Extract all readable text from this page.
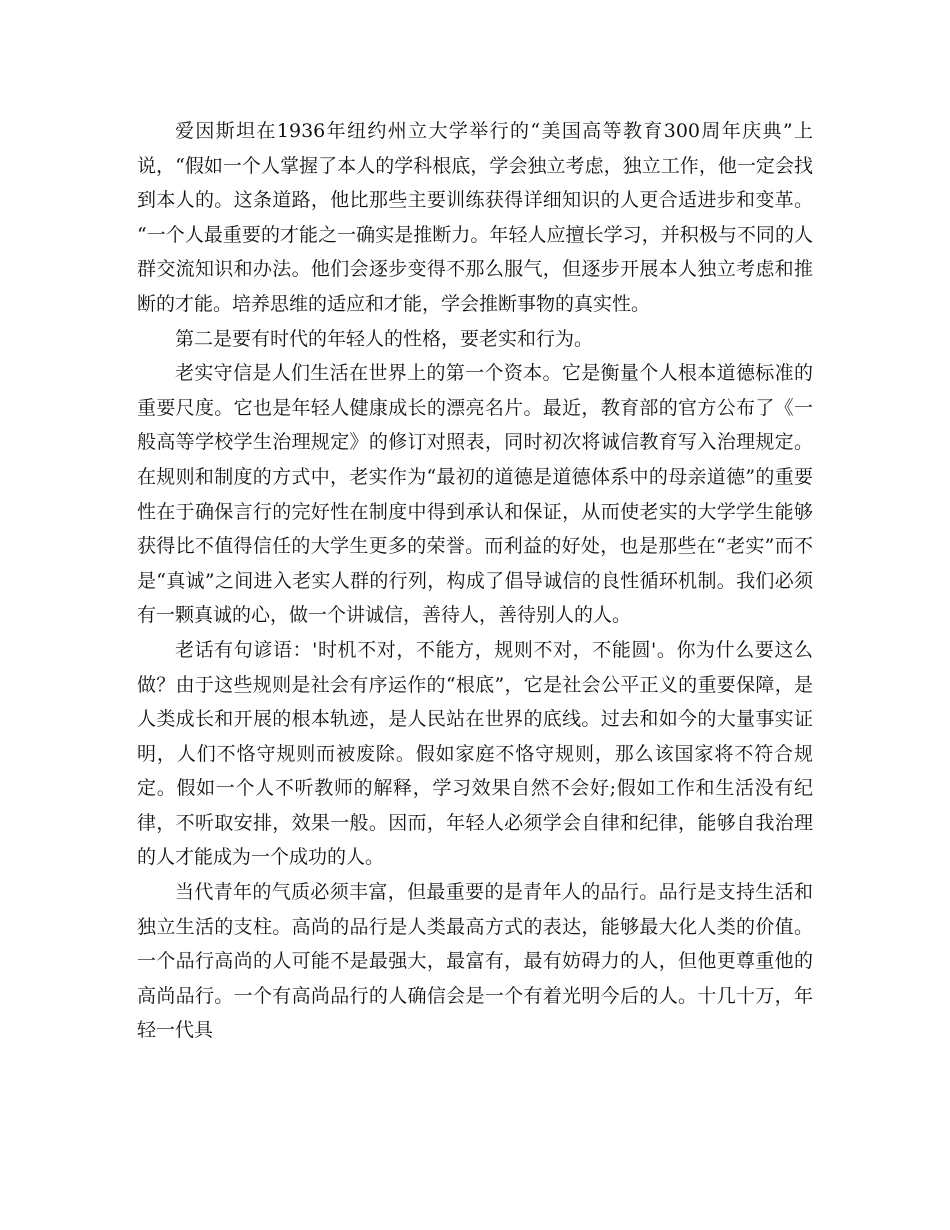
爱因斯坦在1936年纽约州立大学举行的“美国高等教育300周年庆典”上说，“假如一个人掌握了本人的学科根底，学会独立考虑，独立工作，他一定会找到本人的。这条道路，他比那些主要训练获得详细知识的人更合适进步和变革。 “一个人最重要的才能之一确实是推断力。年轻人应擅长学习，并积极与不同的人群交流知识和办法。他们会逐步变得不那么服气，但逐步开展本人独立考虑和推断的才能。培养思维的适应和才能，学会推断事物的真实性。

第二是要有时代的年轻人的性格，要老实和行为。

老实守信是人们生活在世界上的第一个资本。它是衡量个人根本道德标准的重要尺度。它也是年轻人健康成长的漂亮名片。最近，教育部的官方公布了《一般高等学校学生治理规定》的修订对照表，同时初次将诚信教育写入治理规定。在规则和制度的方式中，老实作为“最初的道德是道德体系中的母亲道德”的重要性在于确保言行的完好性在制度中得到承认和保证，从而使老实的大学学生能够获得比不值得信任的大学生更多的荣誉。而利益的好处，也是那些在“老实”而不是“真诚”之间进入老实人群的行列，构成了倡导诚信的良性循环机制。我们必须有一颗真诚的心，做一个讲诚信，善待人，善待别人的人。

老话有句谚语：'时机不对，不能方，规则不对，不能圆'。你为什么要这么做？由于这些规则是社会有序运作的“根底”，它是社会公平正义的重要保障，是人类成长和开展的根本轨迹，是人民站在世界的底线。过去和如今的大量事实证明，人们不恪守规则而被废除。假如家庭不恪守规则，那么该国家将不符合规定。假如一个人不听教师的解释，学习效果自然不会好;假如工作和生活没有纪律，不听取安排，效果一般。因而，年轻人必须学会自律和纪律，能够自我治理的人才能成为一个成功的人。

当代青年的气质必须丰富，但最重要的是青年人的品行。品行是支持生活和独立生活的支柱。高尚的品行是人类最高方式的表达，能够最大化人类的价值。一个品行高尚的人可能不是最强大，最富有，最有妨碍力的人，但他更尊重他的高尚品行。一个有高尚品行的人确信会是一个有着光明今后的人。十几十万，年轻一代具
